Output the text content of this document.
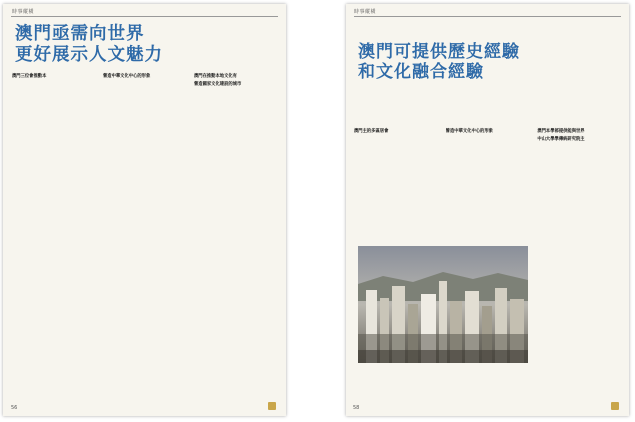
時事縱橫
澳門亟需向世界
更好展示人文魅力
澳門三位會推動本	營造中華文化中心的形象	澳門在推動本地文化有
營造國家文化建設的城市
56
時事縱橫
澳門可提供歷史經驗
和文化融合經驗
澳門主的多區居會	營造中華文化中心的形象	澳門本學部提供能與世界
中山大學學傳統研究院主
58
